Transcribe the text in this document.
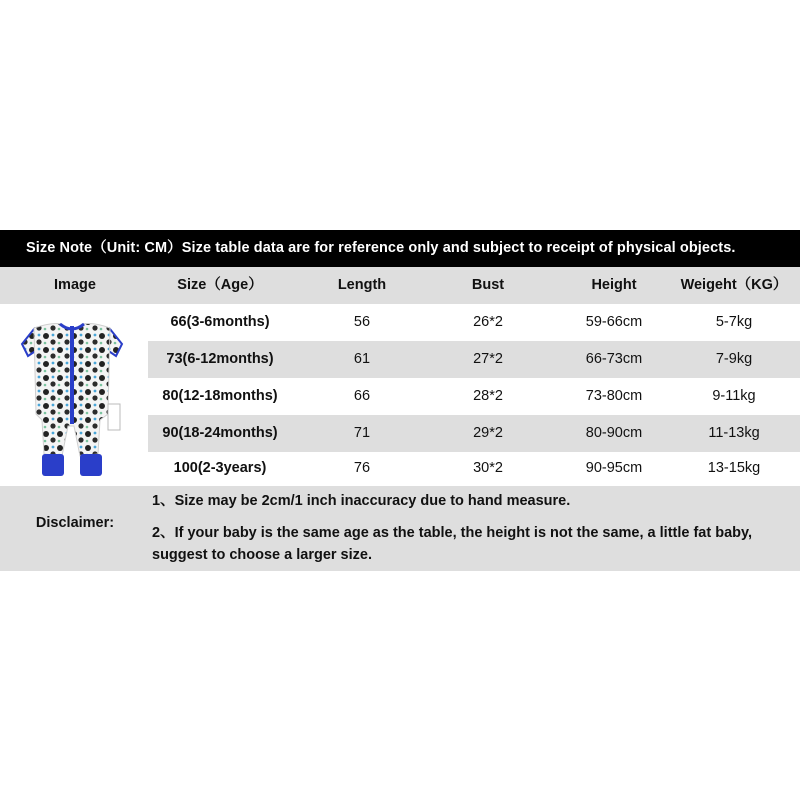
Size Note（Unit: CM）Size table data are for reference only and subject to receipt of physical objects.
Image	Size（Age）	Length	Bust	Height	Weigeht（KG）
66(3-6months)	56	26*2	59-66cm	5-7kg
73(6-12months)	61	27*2	66-73cm	7-9kg
80(12-18months)	66	28*2	73-80cm	9-11kg
90(18-24months)	71	29*2	80-90cm	11-13kg
100(2-3years)	76	30*2	90-95cm	13-15kg
Disclaimer:
1、Size may be 2cm/1 inch inaccuracy due to hand measure.
2、If your baby is the same age as the table, the height is not the same, a little fat baby, suggest to choose a larger size.
